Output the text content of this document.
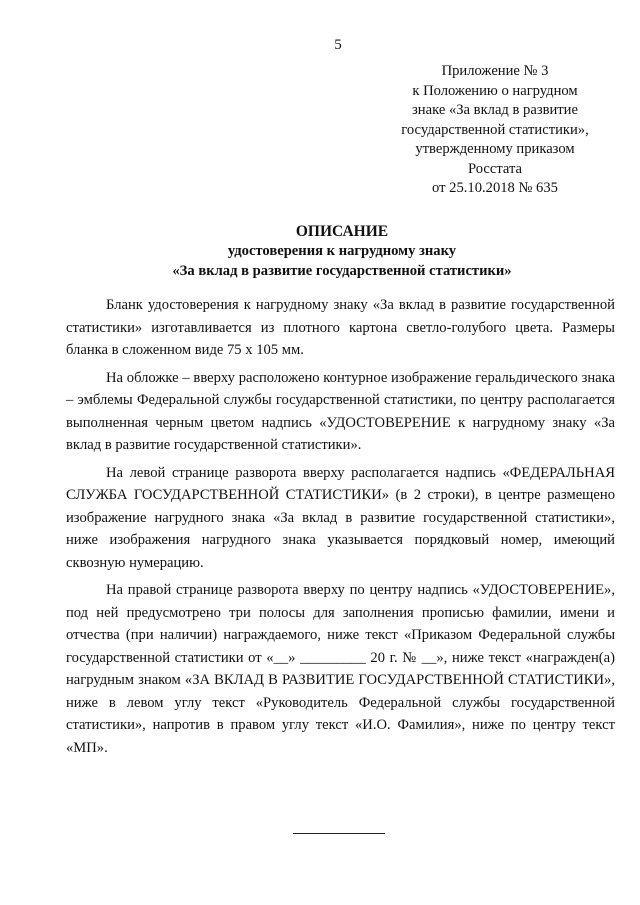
5
Приложение № 3
к Положению о нагрудном
знаке «За вклад в развитие
государственной статистики»,
утвержденному приказом
Росстата
от 25.10.2018 № 635
ОПИСАНИЕ
удостоверения к нагрудному знаку
«За вклад в развитие государственной статистики»

Бланк удостоверения к нагрудному знаку «За вклад в развитие государственной статистики» изготавливается из плотного картона светло-голубого цвета. Размеры бланка в сложенном виде 75 х 105 мм.

На обложке – вверху расположено контурное изображение геральдического знака – эмблемы Федеральной службы государственной статистики, по центру располагается выполненная черным цветом надпись «УДОСТОВЕРЕНИЕ к нагрудному знаку «За вклад в развитие государственной статистики».

На левой странице разворота вверху располагается надпись «ФЕДЕРАЛЬНАЯ СЛУЖБА ГОСУДАРСТВЕННОЙ СТАТИСТИКИ» (в 2 строки), в центре размещено изображение нагрудного знака «За вклад в развитие государственной статистики», ниже изображения нагрудного знака указывается порядковый номер, имеющий сквозную нумерацию.

На правой странице разворота вверху по центру надпись «УДОСТОВЕРЕНИЕ», под ней предусмотрено три полосы для заполнения прописью фамилии, имени и отчества (при наличии) награждаемого, ниже текст «Приказом Федеральной службы государственной статистики от «__» _________ 20 г. № __», ниже текст «награжден(а) нагрудным знаком «ЗА ВКЛАД В РАЗВИТИЕ ГОСУДАРСТВЕННОЙ СТАТИСТИКИ», ниже в левом углу текст «Руководитель Федеральной службы государственной статистики», напротив в правом углу текст «И.О. Фамилия», ниже по центру текст «МП».
